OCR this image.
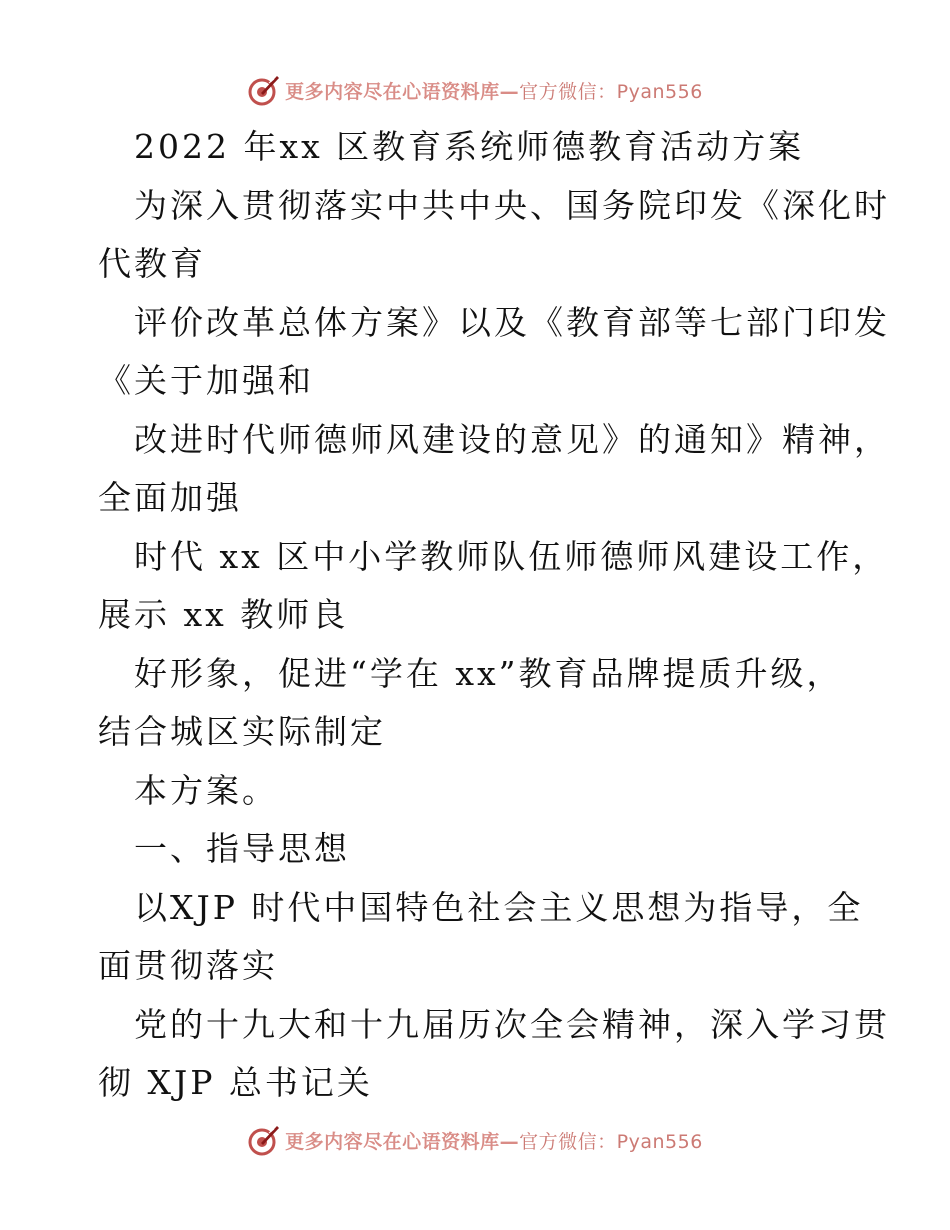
更多内容尽在心语资料库—官方微信：Pyan556
2022 年xx 区教育系统师德教育活动方案
为深入贯彻落实中共中央、国务院印发《深化时
代教育
评价改革总体方案》以及《教育部等七部门印发
《关于加强和
改进时代师德师风建设的意见》的通知》精神，
全面加强
时代 xx 区中小学教师队伍师德师风建设工作，
展示 xx 教师良
好形象，促进“学在 xx”教育品牌提质升级，
结合城区实际制定
本方案。
一、指导思想
以XJP 时代中国特色社会主义思想为指导，全
面贯彻落实
党的十九大和十九届历次全会精神，深入学习贯
彻 XJP 总书记关
更多内容尽在心语资料库—官方微信：Pyan556
